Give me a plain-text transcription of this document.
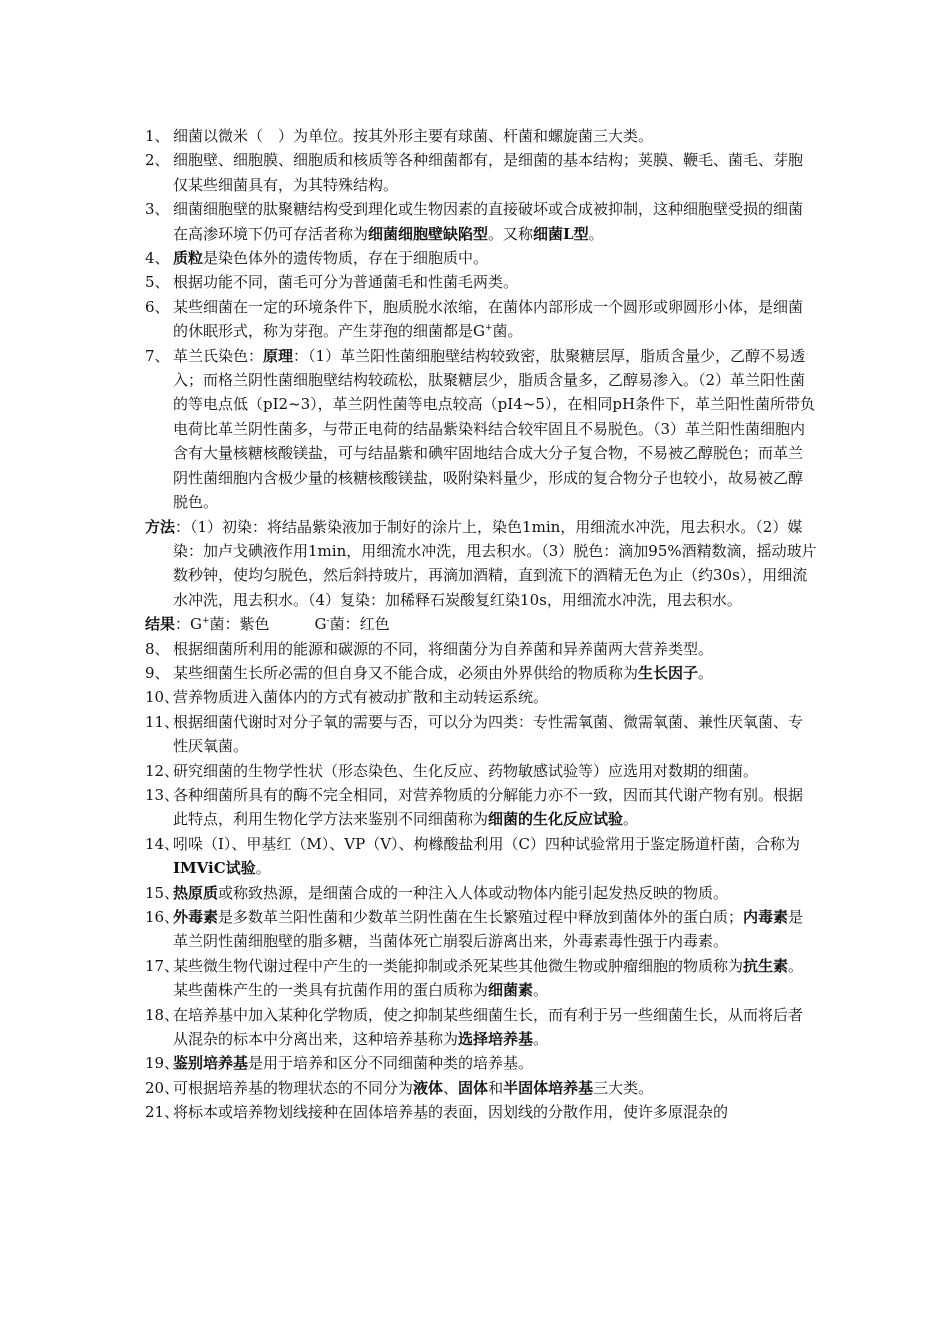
1、 细菌以微米（　）为单位。按其外形主要有球菌、杆菌和螺旋菌三大类。
2、 细胞壁、细胞膜、细胞质和核质等各种细菌都有，是细菌的基本结构；荚膜、鞭毛、菌毛、芽胞仅某些细菌具有，为其特殊结构。
3、 细菌细胞壁的肽聚糖结构受到理化或生物因素的直接破坏或合成被抑制，这种细胞壁受损的细菌在高渗环境下仍可存活者称为细菌细胞壁缺陷型。又称细菌L型。
4、 质粒是染色体外的遗传物质，存在于细胞质中。
5、 根据功能不同，菌毛可分为普通菌毛和性菌毛两类。
6、 某些细菌在一定的环境条件下，胞质脱水浓缩，在菌体内部形成一个圆形或卵圆形小体，是细菌的休眠形式，称为芽孢。产生芽孢的细菌都是G+菌。
7、 革兰氏染色：原理：（1）革兰阳性菌细胞壁结构较致密，肽聚糖层厚，脂质含量少，乙醇不易透入；而格兰阴性菌细胞壁结构较疏松，肽聚糖层少，脂质含量多，乙醇易渗入。（2）革兰阳性菌的等电点低（pI2~3），革兰阴性菌等电点较高（pI4~5），在相同pH条件下，革兰阳性菌所带负电荷比革兰阴性菌多，与带正电荷的结晶紫染料结合较牢固且不易脱色。（3）革兰阳性菌细胞内含有大量核糖核酸镁盐，可与结晶紫和碘牢固地结合成大分子复合物，不易被乙醇脱色；而革兰阴性菌细胞内含极少量的核糖核酸镁盐，吸附染料量少，形成的复合物分子也较小，故易被乙醇脱色。
方法：（1）初染：将结晶紫染液加于制好的涂片上，染色1min，用细流水冲洗，甩去积水。（2）媒染：加卢戈碘液作用1min，用细流水冲洗，甩去积水。（3）脱色：滴加95%酒精数滴，摇动玻片数秒钟，使均匀脱色，然后斜持玻片，再滴加酒精，直到流下的酒精无色为止（约30s），用细流水冲洗，甩去积水。（4）复染：加稀释石炭酸复红染10s，用细流水冲洗，甩去积水。
结果：G+菌：紫色　　　G-菌：红色
8、 根据细菌所利用的能源和碳源的不同，将细菌分为自养菌和异养菌两大营养类型。
9、 某些细菌生长所必需的但自身又不能合成，必须由外界供给的物质称为生长因子。
10、
营养物质进入菌体内的方式有被动扩散和主动转运系统。
11、
根据细菌代谢时对分子氧的需要与否，可以分为四类：专性需氧菌、微需氧菌、兼性厌氧菌、专性厌氧菌。
12、
研究细菌的生物学性状（形态染色、生化反应、药物敏感试验等）应选用对数期的细菌。
13、
各种细菌所具有的酶不完全相同，对营养物质的分解能力亦不一致，因而其代谢产物有别。根据此特点，利用生物化学方法来鉴别不同细菌称为细菌的生化反应试验。
14、
吲哚（I）、甲基红（M）、VP（V）、枸橼酸盐利用（C）四种试验常用于鉴定肠道杆菌，合称为IMViC试验。
15、
热原质或称致热源，是细菌合成的一种注入人体或动物体内能引起发热反映的物质。
16、
外毒素是多数革兰阳性菌和少数革兰阴性菌在生长繁殖过程中释放到菌体外的蛋白质；内毒素是革兰阴性菌细胞壁的脂多糖，当菌体死亡崩裂后游离出来，外毒素毒性强于内毒素。
17、
某些微生物代谢过程中产生的一类能抑制或杀死某些其他微生物或肿瘤细胞的物质称为抗生素。某些菌株产生的一类具有抗菌作用的蛋白质称为细菌素。
18、
在培养基中加入某种化学物质，使之抑制某些细菌生长，而有利于另一些细菌生长，从而将后者从混杂的标本中分离出来，这种培养基称为选择培养基。
19、
鉴别培养基是用于培养和区分不同细菌种类的培养基。
20、
可根据培养基的物理状态的不同分为液体、固体和半固体培养基三大类。
21、
将标本或培养物划线接种在固体培养基的表面，因划线的分散作用，使许多原混杂的
